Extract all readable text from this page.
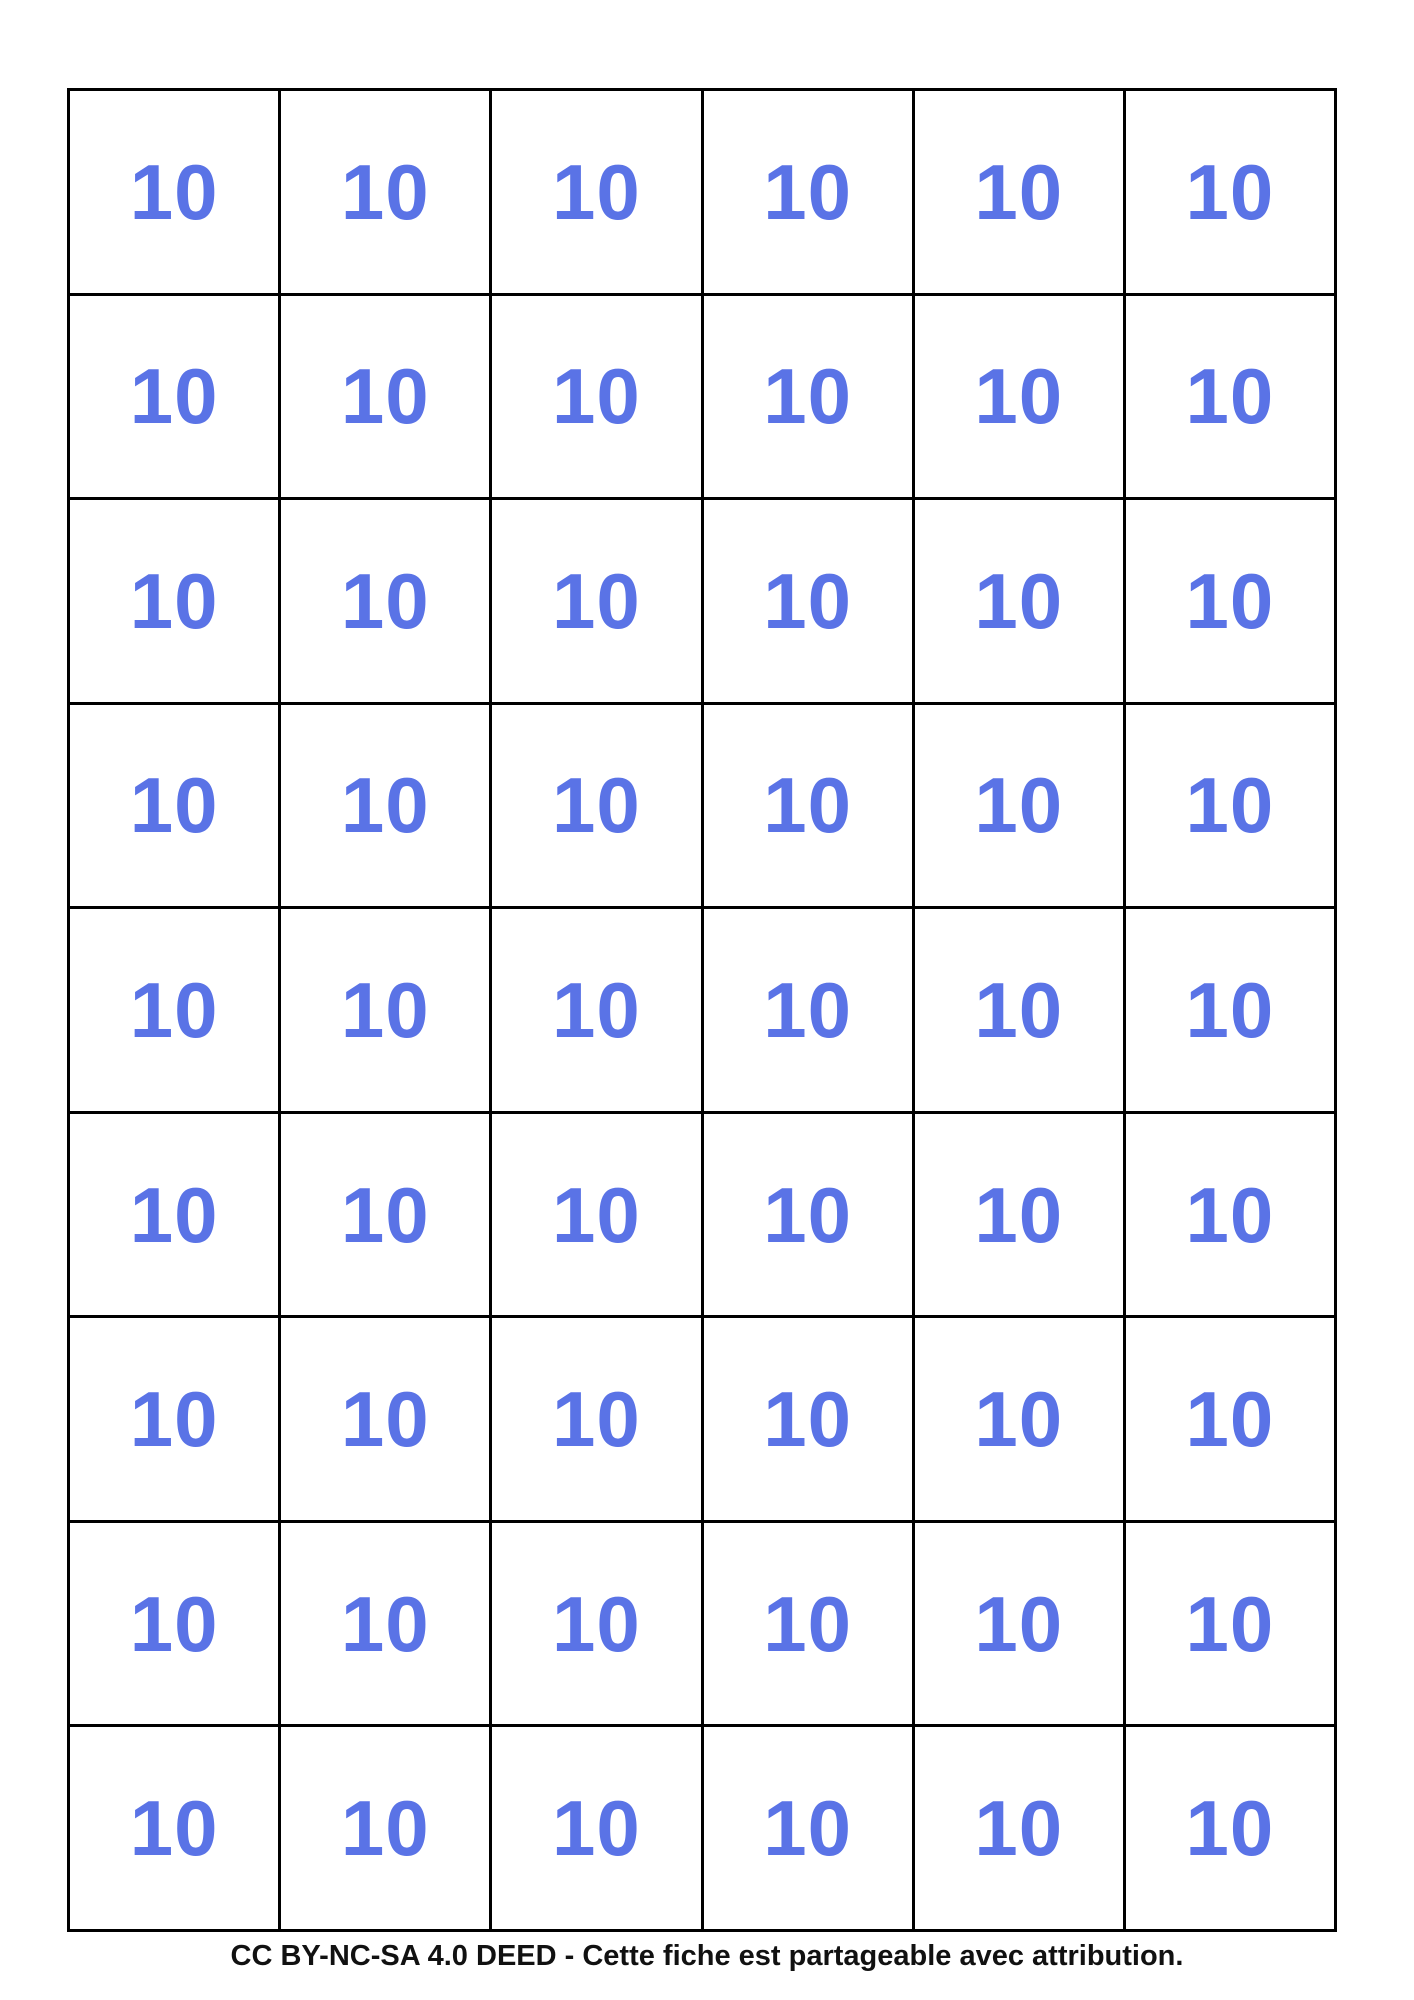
10 10 10 10 10 10
10 10 10 10 10 10
10 10 10 10 10 10
10 10 10 10 10 10
10 10 10 10 10 10
10 10 10 10 10 10
10 10 10 10 10 10
10 10 10 10 10 10
10 10 10 10 10 10
CC BY-NC-SA 4.0 DEED - Cette fiche est partageable avec attribution.
